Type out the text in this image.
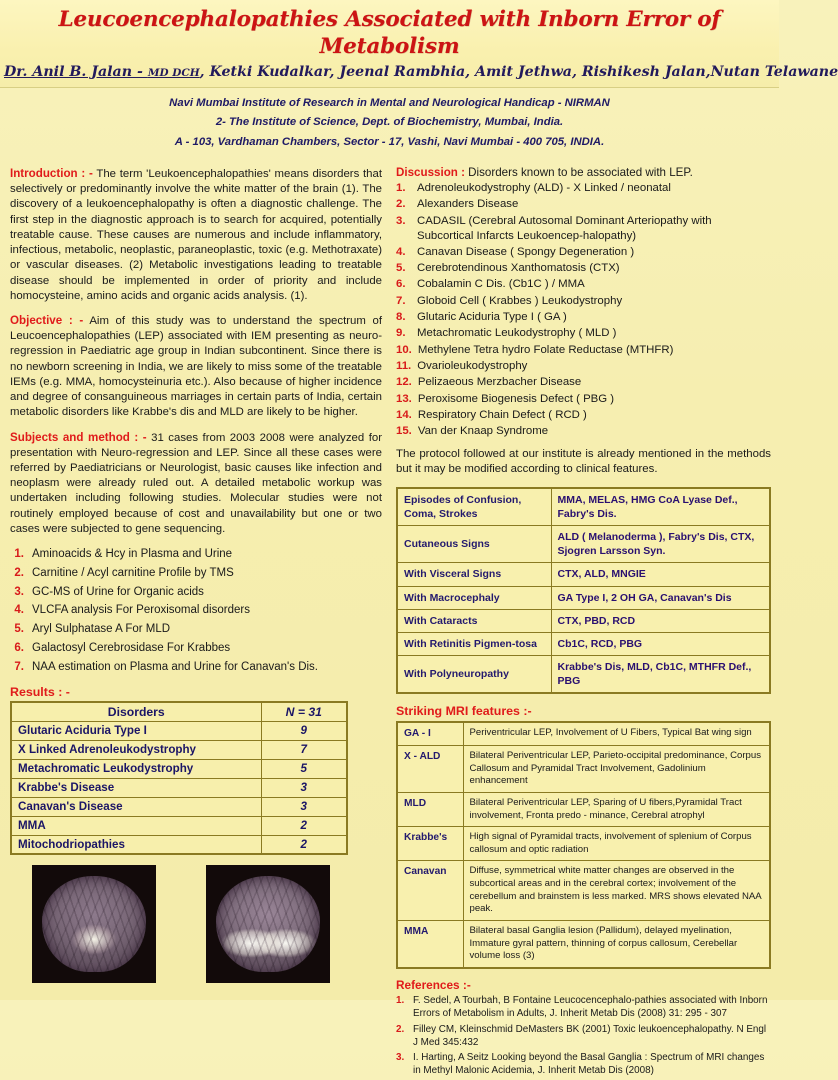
Leucoencephalopathies Associated with Inborn Error of Metabolism
Dr. Anil B. Jalan - MD DCH, Ketki Kudalkar, Jeenal Rambhia, Amit Jethwa, Rishikesh Jalan,Nutan Telawane
Navi Mumbai Institute of Research in Mental and Neurological Handicap - NIRMAN
2- The Institute of Science, Dept. of Biochemistry, Mumbai, India.
A - 103, Vardhaman Chambers, Sector - 17, Vashi, Navi Mumbai - 400 705, INDIA.

Introduction : - The term 'Leukoencephalopathies' means disorders that selectively or predominantly involve the white matter of the brain (1). The discovery of a leukoencephalopathy is often a diagnostic challenge. The first step in the diagnostic approach is to search for acquired, potentially treatable cause. These causes are numerous and include inflammatory, infectious, metabolic, neoplastic, paraneoplastic, toxic (e.g. Methotraxate) or vascular diseases. (2) Metabolic investigations leading to treatable disease should be implemented in order of priority and include homocysteine, amino acids and organic acids analysis. (1).

Objective : - Aim of this study was to understand the spectrum of Leucoencephalopathies (LEP) associated with IEM presenting as neuro-regression in Paediatric age group in Indian subcontinent. Since there is no newborn screening in India, we are likely to miss some of the treatable IEMs (e.g. MMA, homocysteinuria etc.). Also because of higher incidence and degree of consanguineous marriages in certain parts of India, certain metabolic disorders like Krabbe's dis and MLD are likely to be higher.

Subjects and method : - 31 cases from 2003 2008 were analyzed for presentation with Neuro-regression and LEP. Since all these cases were referred by Paediatricians or Neurologist, basic causes like infection and neoplasm were already ruled out. A detailed metabolic workup was undertaken including following studies. Molecular studies were not routinely employed because of cost and unavailability but one or two cases were subjected to gene sequencing.

1. Aminoacids & Hcy in Plasma and Urine
2. Carnitine / Acyl carnitine Profile by TMS
3. GC-MS of Urine for Organic acids
4. VLCFA analysis For Peroxisomal disorders
5. Aryl Sulphatase A For MLD
6. Galactosyl Cerebrosidase For Krabbes
7. NAA estimation on Plasma and Urine for Canavan's Dis.
Results : -
Disorders	N = 31
Glutaric Aciduria Type I	9
X Linked Adrenoleukodystrophy	7
Metachromatic Leukodystrophy	5
Krabbe's Disease	3
Canavan's Disease	3
MMA	2
Mitochodriopathies	2
Discussion : Disorders known to be associated with LEP.
1.	Adrenoleukodystrophy (ALD) - X Linked / neonatal
2.	Alexanders Disease
3.	CADASIL (Cerebral Autosomal Dominant Arteriopathy with Subcortical Infarcts Leukoencep-halopathy)
4.	Canavan Disease ( Spongy Degeneration )
5.	Cerebrotendinous Xanthomatosis (CTX)
6.	Cobalamin C Dis. (Cb1C ) / MMA
7.	Globoid Cell ( Krabbes ) Leukodystrophy
8.	Glutaric Aciduria Type I ( GA )
9.	Metachromatic Leukodystrophy ( MLD )
10. Methylene Tetra hydro Folate Reductase (MTHFR)
11. Ovarioleukodystrophy
12. Pelizaeous Merzbacher Disease
13. Peroxisome Biogenesis Defect ( PBG )
14. Respiratory Chain Defect ( RCD )
15. Van der Knaap Syndrome

The protocol followed at our institute is already mentioned in the methods but it may be modified according to clinical features.

Episodes of Confusion, Coma, Strokes	MMA, MELAS, HMG CoA Lyase Def., Fabry's Dis.
Cutaneous Signs	ALD ( Melanoderma ), Fabry's Dis, CTX, Sjogren Larsson Syn.
With Visceral Signs	CTX, ALD, MNGIE
With Macrocephaly	GA Type I, 2 OH GA, Canavan's Dis
With Cataracts	CTX, PBD, RCD
With Retinitis Pigmen-tosa	Cb1C, RCD, PBG
With Polyneuropathy	Krabbe's Dis, MLD, Cb1C, MTHFR Def., PBG
Striking MRI features :-
GA - I	Periventricular LEP, Involvement of U Fibers, Typical Bat wing sign
X - ALD	Bilateral Periventricular LEP, Parieto-occipital predominance, Corpus Callosum and Pyramidal Tract Involvement, Gadolinium enhancement
MLD	Bilateral Periventricular LEP, Sparing of U fibers,Pyramidal Tract involvement, Fronta predo - minance, Cerebral atrophyl
Krabbe's	High signal of Pyramidal tracts, involvement of splenium of Corpus callosum and optic radiation
Canavan	Diffuse, symmetrical white matter changes are observed in the subcortical areas and in the cerebral cortex; involvement of the cerebellum and brainstem is less marked. MRS shows elevated NAA peak.
MMA	Bilateral basal Ganglia lesion (Pallidum), delayed myelination, Immature gyral pattern, thinning of corpus callosum, Cerebellar volume loss (3)
References :-
1. F. Sedel, A Tourbah, B Fontaine Leucocencephalo-pathies associated with Inborn Errors of Metabolism in Adults, J. Inherit Metab Dis (2008) 31: 295 - 307
2. Filley CM, Kleinschmid DeMasters BK (2001) Toxic leukoencephalopathy. N Engl J Med 345:432
3. I. Harting, A Seitz Looking beyond the Basal Ganglia : Spectrum of MRI changes in Methyl Malonic Acidemia, J. Inherit Metab Dis (2008)
